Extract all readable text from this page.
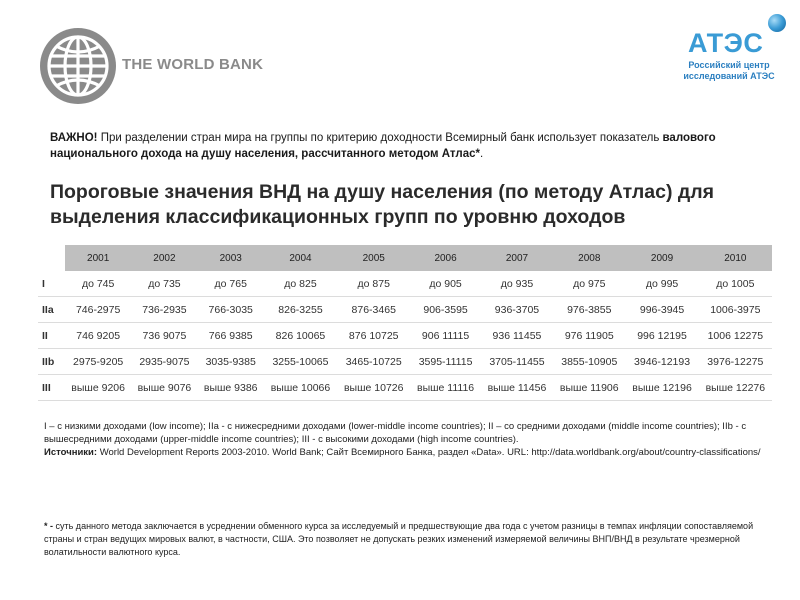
THE WORLD BANK
АТЭС
Российский центр
исследований АТЭС
ВАЖНО! При разделении стран мира на группы по критерию доходности Всемирный банк использует показатель валового национального дохода на душу населения, рассчитанного методом Атлас*.
Пороговые значения ВНД на душу населения (по методу Атлас) для выделения классификационных групп по уровню доходов
	2001	2002	2003	2004	2005	2006	2007	2008	2009	2010
I	до 745	до 735	до 765	до 825	до 875	до 905	до 935	до 975	до 995	до 1005
IIa	746-2975	736-2935	766-3035	826-3255	876-3465	906-3595	936-3705	976-3855	996-3945	1006-3975
II	746 9205	736 9075	766 9385	826 10065	876 10725	906 11115	936 11455	976 11905	996 12195	1006 12275
IIb	2975-9205	2935-9075	3035-9385	3255-10065	3465-10725	3595-11115	3705-11455	3855-10905	3946-12193	3976-12275
III	выше 9206	выше 9076	выше 9386	выше 10066	выше 10726	выше 11116	выше 11456	выше 11906	выше 12196	выше 12276
I – с низкими доходами (low income); IIa - с нижесредними доходами (lower-middle income countries); II – со средними доходами (middle income countries); IIb - с вышесредними доходами (upper-middle income countries); III - с высокими доходами (high income countries).
Источники: World Development Reports 2003-2010. World Bank; Сайт Всемирного Банка, раздел «Data». URL: http://data.worldbank.org/about/country-classifications/
* - суть данного метода заключается в усреднении обменного курса за исследуемый и предшествующие два года с учетом разницы в темпах инфляции сопоставляемой страны и стран ведущих мировых валют, в частности, США. Это позволяет не допускать резких изменений измеряемой величины ВНП/ВНД в результате чрезмерной волатильности валютного курса.
